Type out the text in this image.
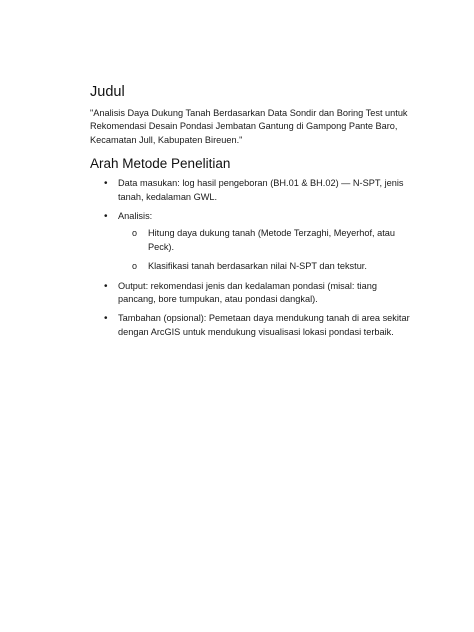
Judul

"Analisis Daya Dukung Tanah Berdasarkan Data Sondir dan Boring Test untuk Rekomendasi Desain Pondasi Jembatan Gantung di Gampong Pante Baro, Kecamatan Jull, Kabupaten Bireuen."

Arah Metode Penelitian
• Data masukan: log hasil pengeboran (BH.01 & BH.02) — N-SPT, jenis tanah, kedalaman GWL.
• Analisis:
o Hitung daya dukung tanah (Metode Terzaghi, Meyerhof, atau Peck).
o Klasifikasi tanah berdasarkan nilai N-SPT dan tekstur.
• Output: rekomendasi jenis dan kedalaman pondasi (misal: tiang pancang, bore tumpukan, atau pondasi dangkal).
• Tambahan (opsional): Pemetaan daya mendukung tanah di area sekitar dengan ArcGIS untuk mendukung visualisasi lokasi pondasi terbaik.
